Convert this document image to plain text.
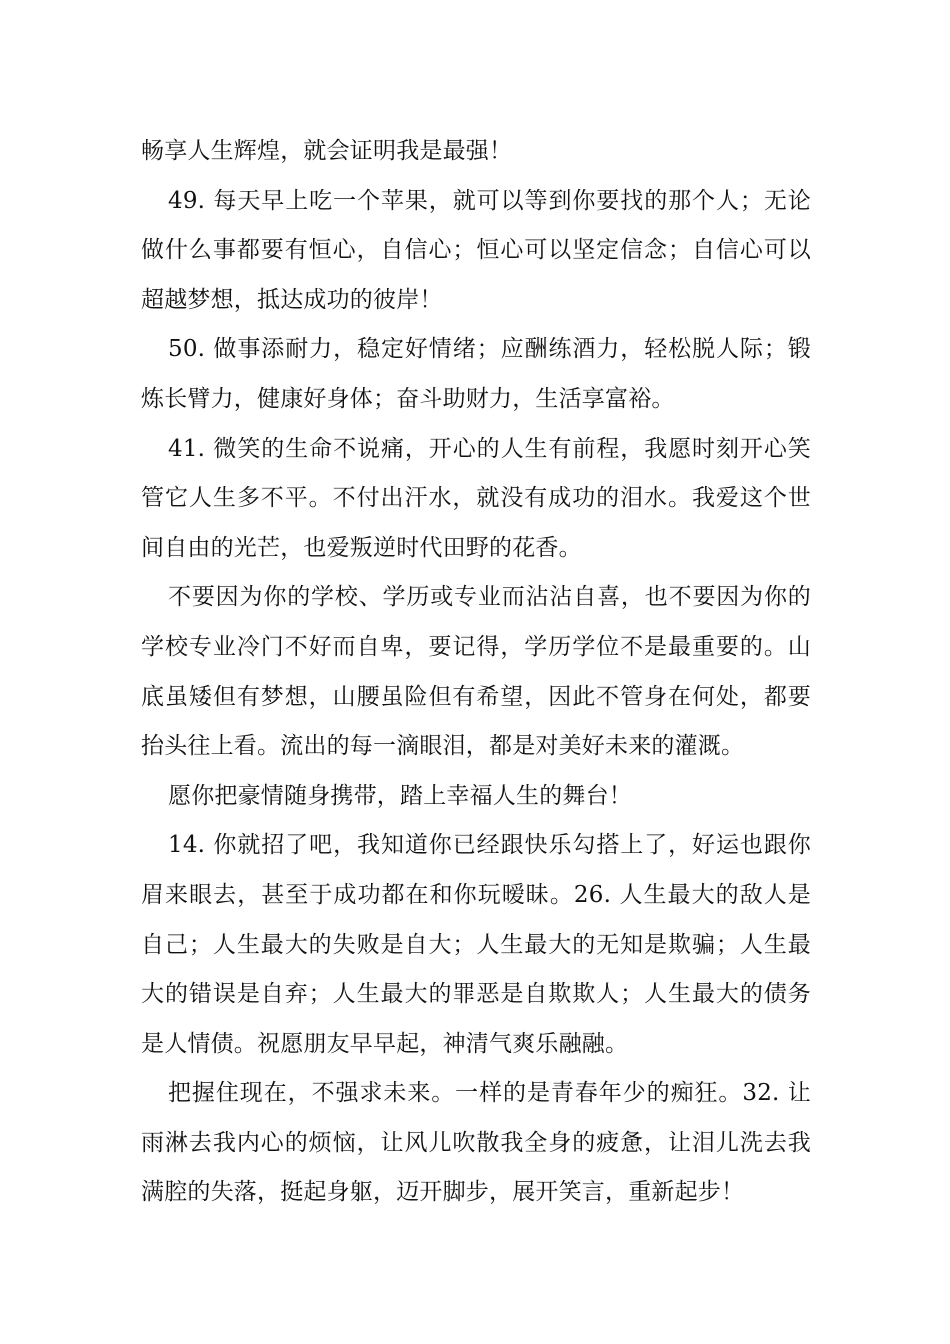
畅享人生辉煌，就会证明我是最强！

49. 每天早上吃一个苹果，就可以等到你要找的那个人；无论做什么事都要有恒心，自信心；恒心可以坚定信念；自信心可以超越梦想，抵达成功的彼岸！

50. 做事添耐力，稳定好情绪；应酬练酒力，轻松脱人际；锻炼长臂力，健康好身体；奋斗助财力，生活享富裕。

41. 微笑的生命不说痛，开心的人生有前程，我愿时刻开心笑管它人生多不平。不付出汗水，就没有成功的泪水。我爱这个世间自由的光芒，也爱叛逆时代田野的花香。

不要因为你的学校、学历或专业而沾沾自喜，也不要因为你的学校专业冷门不好而自卑，要记得，学历学位不是最重要的。山底虽矮但有梦想，山腰虽险但有希望，因此不管身在何处，都要抬头往上看。流出的每一滴眼泪，都是对美好未来的灌溉。

愿你把豪情随身携带，踏上幸福人生的舞台！

14. 你就招了吧，我知道你已经跟快乐勾搭上了，好运也跟你眉来眼去，甚至于成功都在和你玩暧昧。26. 人生最大的敌人是自己；人生最大的失败是自大；人生最大的无知是欺骗；人生最大的错误是自弃；人生最大的罪恶是自欺欺人；人生最大的债务是人情债。祝愿朋友早早起，神清气爽乐融融。

把握住现在，不强求未来。一样的是青春年少的痴狂。32. 让雨淋去我内心的烦恼，让风儿吹散我全身的疲惫，让泪儿洗去我满腔的失落，挺起身躯，迈开脚步，展开笑言，重新起步！
